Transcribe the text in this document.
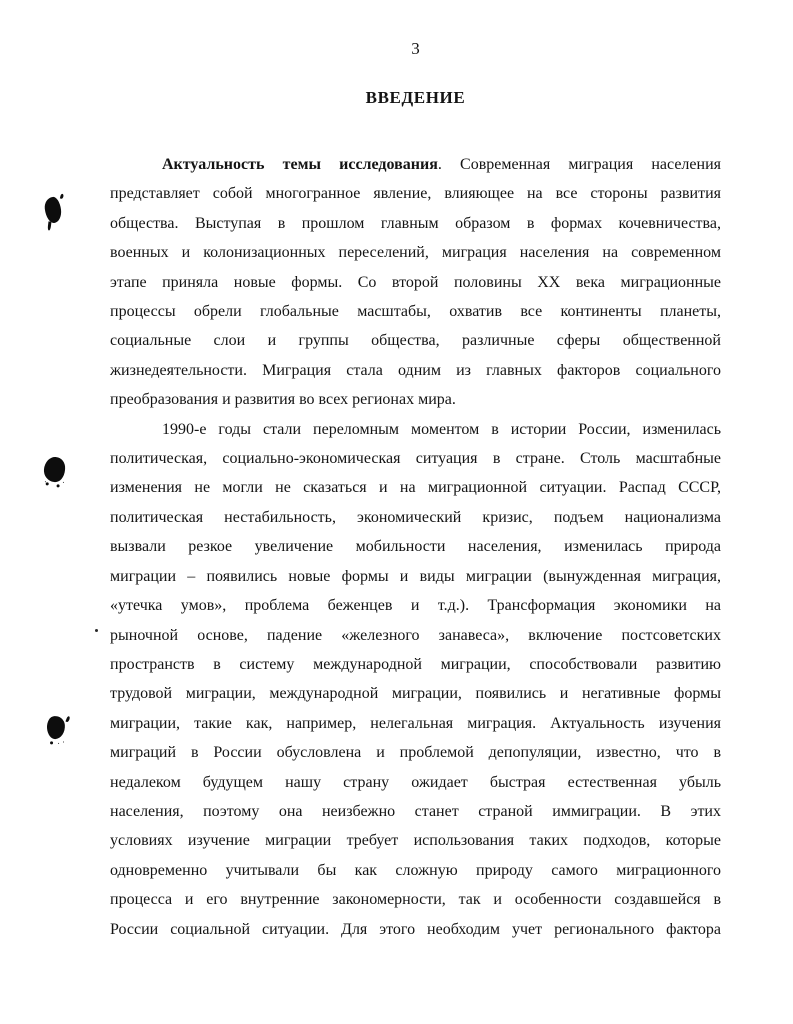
3
ВВЕДЕНИЕ
Актуальность темы исследования. Современная миграция населения
представляет собой многогранное явление, влияющее на все стороны развития
общества. Выступая в прошлом главным образом в формах кочевничества,
военных и колонизационных переселений, миграция населения на современном
этапе приняла новые формы. Со второй половины XX века миграционные
процессы обрели глобальные масштабы, охватив все континенты планеты,
социальные слои и группы общества, различные сферы общественной
жизнедеятельности. Миграция стала одним из главных факторов социального
преобразования и развития во всех регионах мира.
1990-е годы стали переломным моментом в истории России, изменилась
политическая, социально-экономическая ситуация в стране. Столь масштабные
изменения не могли не сказаться и на миграционной ситуации. Распад СССР,
политическая нестабильность, экономический кризис, подъем национализма
вызвали резкое увеличение мобильности населения, изменилась природа
миграции – появились новые формы и виды миграции (вынужденная миграция,
«утечка умов», проблема беженцев и т.д.). Трансформация экономики на
рыночной основе, падение «железного занавеса», включение постсоветских
пространств в систему международной миграции, способствовали развитию
трудовой миграции, международной миграции, появились и негативные формы
миграции, такие как, например, нелегальная миграция. Актуальность изучения
миграций в России обусловлена и проблемой депопуляции, известно, что в
недалеком будущем нашу страну ожидает быстрая естественная убыль
населения, поэтому она неизбежно станет страной иммиграции. В этих
условиях изучение миграции требует использования таких подходов, которые
одновременно учитывали бы как сложную природу самого миграционного
процесса и его внутренние закономерности, так и особенности создавшейся в
России социальной ситуации. Для этого необходим учет регионального фактора
